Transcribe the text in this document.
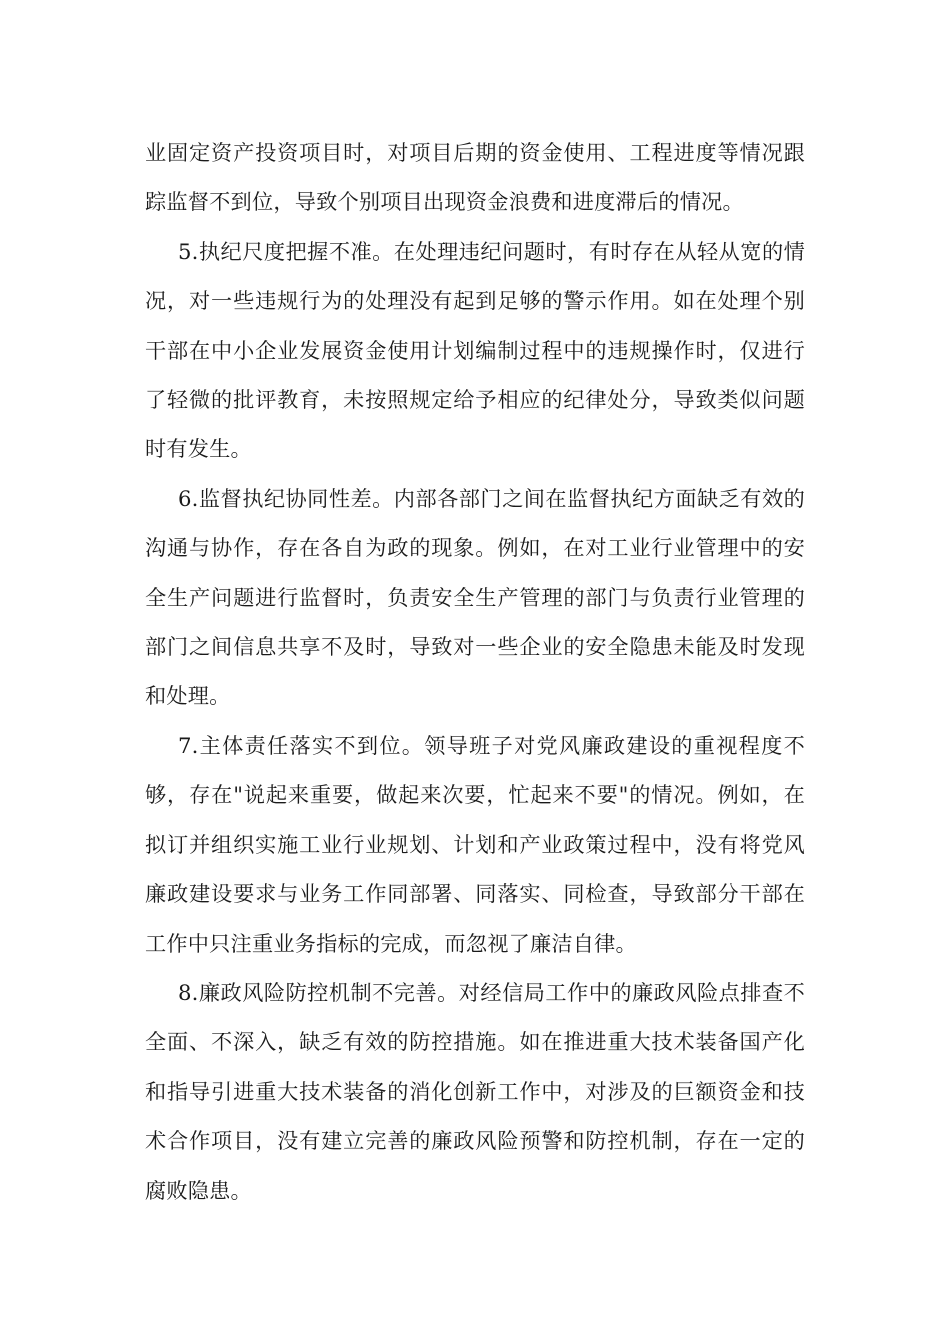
业固定资产投资项目时，对项目后期的资金使用、工程进度等情况跟踪监督不到位，导致个别项目出现资金浪费和进度滞后的情况。

5.执纪尺度把握不准。在处理违纪问题时，有时存在从轻从宽的情况，对一些违规行为的处理没有起到足够的警示作用。如在处理个别干部在中小企业发展资金使用计划编制过程中的违规操作时，仅进行了轻微的批评教育，未按照规定给予相应的纪律处分，导致类似问题时有发生。

6.监督执纪协同性差。内部各部门之间在监督执纪方面缺乏有效的沟通与协作，存在各自为政的现象。例如，在对工业行业管理中的安全生产问题进行监督时，负责安全生产管理的部门与负责行业管理的部门之间信息共享不及时，导致对一些企业的安全隐患未能及时发现和处理。

7.主体责任落实不到位。领导班子对党风廉政建设的重视程度不够，存在"说起来重要，做起来次要，忙起来不要"的情况。例如，在拟订并组织实施工业行业规划、计划和产业政策过程中，没有将党风廉政建设要求与业务工作同部署、同落实、同检查，导致部分干部在工作中只注重业务指标的完成，而忽视了廉洁自律。

8.廉政风险防控机制不完善。对经信局工作中的廉政风险点排查不全面、不深入，缺乏有效的防控措施。如在推进重大技术装备国产化和指导引进重大技术装备的消化创新工作中，对涉及的巨额资金和技术合作项目，没有建立完善的廉政风险预警和防控机制，存在一定的腐败隐患。
